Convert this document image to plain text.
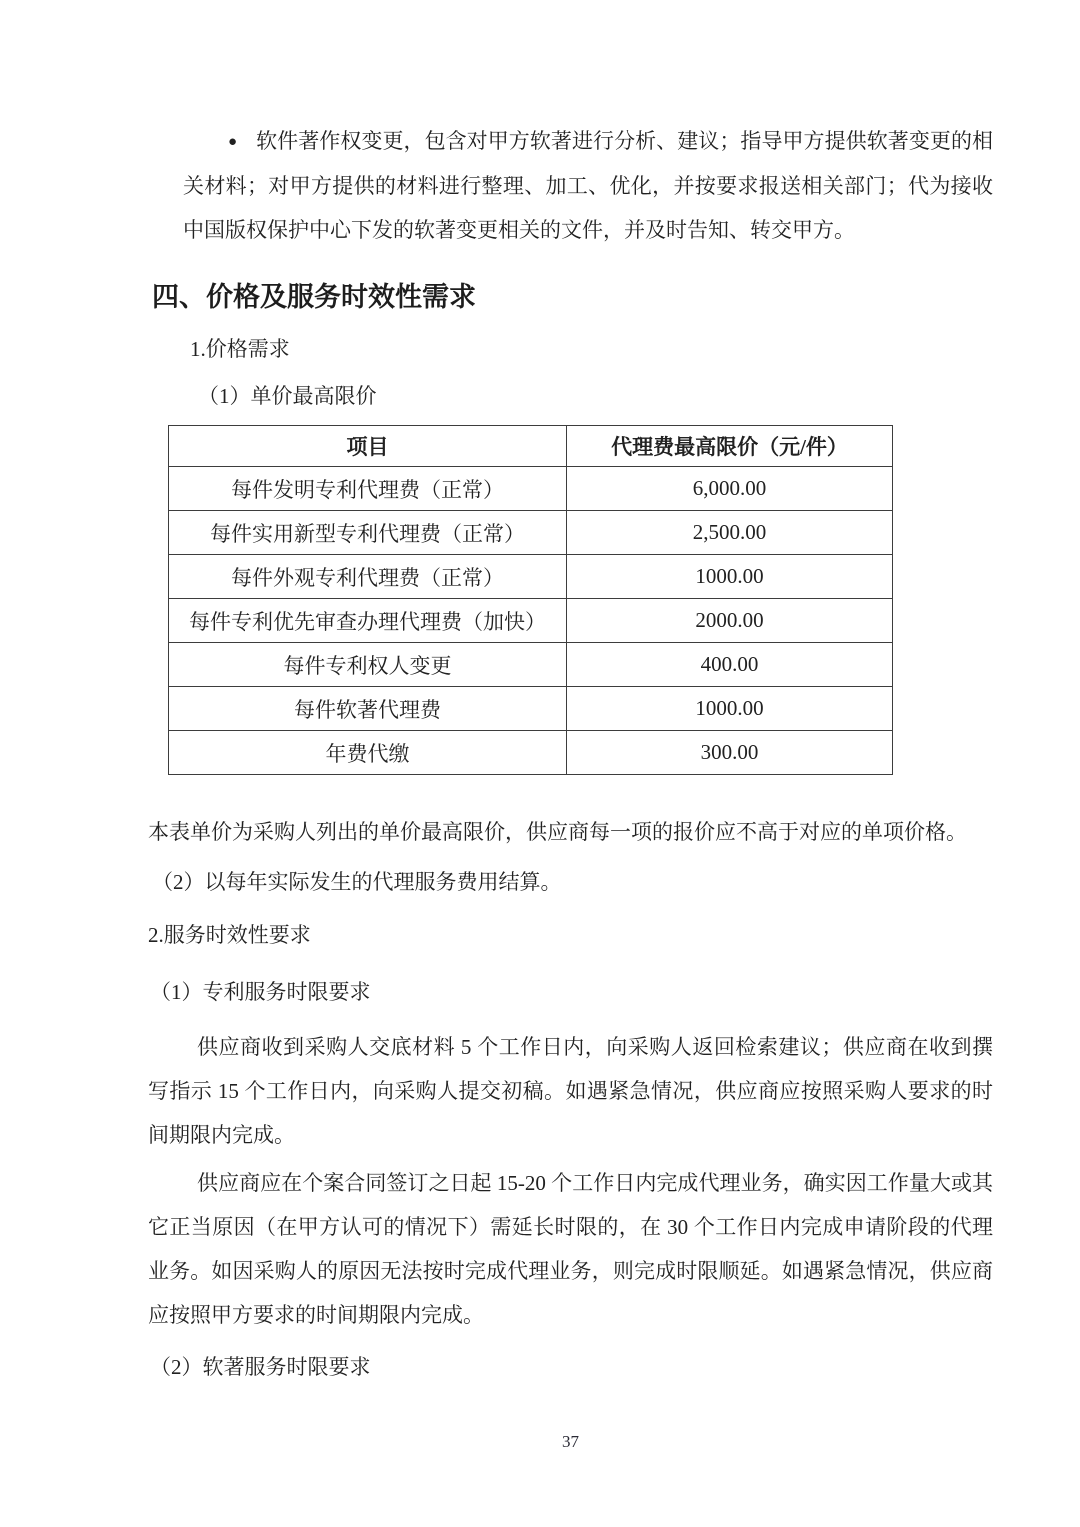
● 软件著作权变更，包含对甲方软著进行分析、建议；指导甲方提供软著变更的相关材料；对甲方提供的材料进行整理、加工、优化，并按要求报送相关部门；代为接收中国版权保护中心下发的软著变更相关的文件，并及时告知、转交甲方。

四、价格及服务时效性需求

1.价格需求

（1）单价最高限价

项目	代理费最高限价（元/件）
每件发明专利代理费（正常）	6,000.00
每件实用新型专利代理费（正常）	2,500.00
每件外观专利代理费（正常）	1000.00
每件专利优先审查办理代理费（加快）	2000.00
每件专利权人变更	400.00
每件软著代理费	1000.00
年费代缴	300.00

本表单价为采购人列出的单价最高限价，供应商每一项的报价应不高于对应的单项价格。

（2）以每年实际发生的代理服务费用结算。

2.服务时效性要求

（1）专利服务时限要求

供应商收到采购人交底材料 5 个工作日内，向采购人返回检索建议；供应商在收到撰写指示 15 个工作日内，向采购人提交初稿。如遇紧急情况，供应商应按照采购人要求的时间期限内完成。

供应商应在个案合同签订之日起 15-20 个工作日内完成代理业务，确实因工作量大或其它正当原因（在甲方认可的情况下）需延长时限的，在 30 个工作日内完成申请阶段的代理业务。如因采购人的原因无法按时完成代理业务，则完成时限顺延。如遇紧急情况，供应商应按照甲方要求的时间期限内完成。

（2）软著服务时限要求

37
